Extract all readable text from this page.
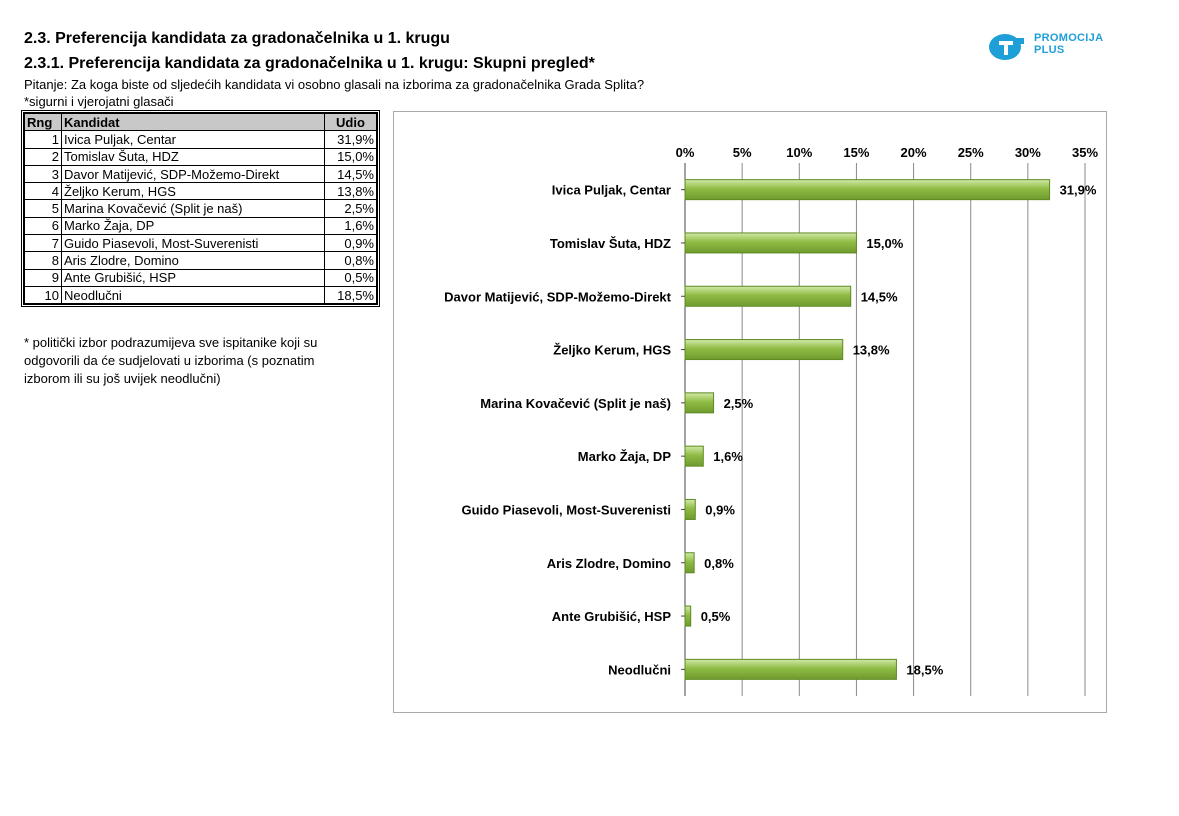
2.3. Preferencija kandidata za gradonačelnika u 1. krugu
2.3.1. Preferencija kandidata za gradonačelnika u 1. krugu: Skupni pregled*
Pitanje: Za koga biste od sljedećih kandidata vi osobno glasali na izborima za gradonačelnika Grada Splita?
*sigurni i vjerojatni glasači
PROMOCIJA
PLUS
Rng	Kandidat	Udio
1	Ivica Puljak, Centar	31,9%
2	Tomislav Šuta, HDZ	15,0%
3	Davor Matijević, SDP-Možemo-Direkt	14,5%
4	Željko Kerum, HGS	13,8%
5	Marina Kovačević (Split je naš)	2,5%
6	Marko Žaja, DP	1,6%
7	Guido Piasevoli, Most-Suverenisti	0,9%
8	Aris Zlodre, Domino	0,8%
9	Ante Grubišić, HSP	0,5%
10	Neodlučni	18,5%
* politički izbor podrazumijeva sve ispitanike koji su odgovorili da će sudjelovati u izborima (s poznatim izborom ili su još uvijek neodlučni)
0%	5%	10% 15% 20% 25% 30% 35%
Ivica Puljak, Centar	31,9%
Tomislav Šuta, HDZ	15,0%
Davor Matijević, SDP-Možemo-Direkt	14,5%
Željko Kerum, HGS	13,8%
Marina Kovačević (Split je naš)	2,5%
Marko Žaja, DP	1,6%
Guido Piasevoli, Most-Suverenisti	0,9%
Aris Zlodre, Domino	0,8%
Ante Grubišić, HSP 0,5%
Neodlučni	18,5%
